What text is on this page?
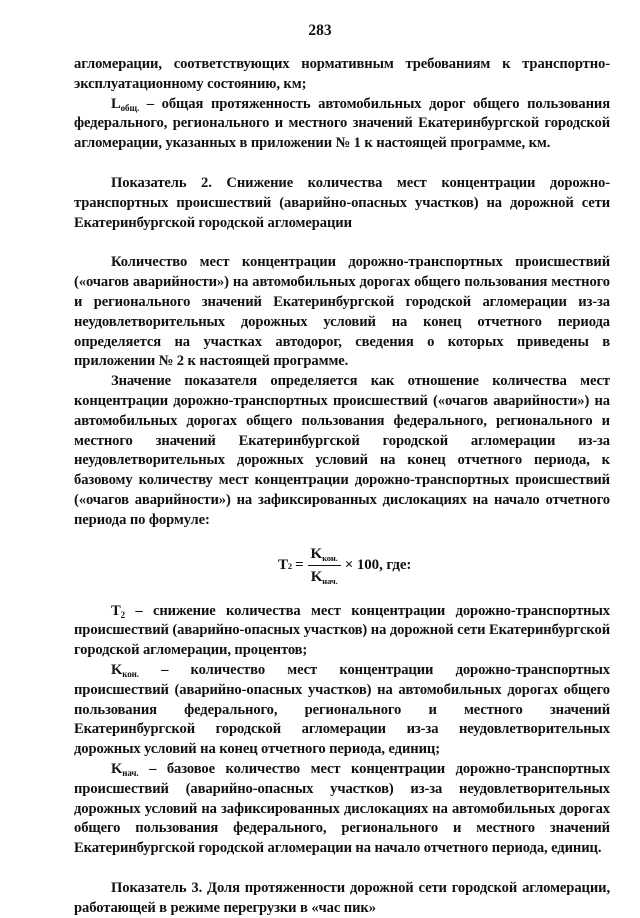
283

агломерации, соответствующих нормативным требованиям к транспортно-эксплуатационному состоянию, км;

$L_{общ.}$ – общая протяженность автомобильных дорог общего пользования федерального, регионального и местного значений Екатеринбургской городской агломерации, указанных в приложении № 1 к настоящей программе, км.

Показатель 2. Снижение количества мест концентрации дорожно-транспортных происшествий (аварийно-опасных участков) на дорожной сети Екатеринбургской городской агломерации

Количество мест концентрации дорожно-транспортных происшествий («очагов аварийности») на автомобильных дорогах общего пользования местного и регионального значений Екатеринбургской городской агломерации из-за неудовлетворительных дорожных условий на конец отчетного периода определяется на участках автодорог, сведения о которых приведены в приложении № 2 к настоящей программе.

Значение показателя определяется как отношение количества мест концентрации дорожно-транспортных происшествий («очагов аварийности») на автомобильных дорогах общего пользования федерального, регионального и местного значений Екатеринбургской городской агломерации из-за неудовлетворительных дорожных условий на конец отчетного периода, к базовому количеству мест концентрации дорожно-транспортных происшествий («очагов аварийности») на зафиксированных дислокациях на начало отчетного периода по формуле:

T $2 = \frac{K_{кон.}}{K_{нач.}} \times 100$, где:

$T_2$ – снижение количества мест концентрации дорожно-транспортных происшествий (аварийно-опасных участков) на дорожной сети Екатеринбургской городской агломерации, процентов;

$K_{кон.}$ – количество мест концентрации дорожно-транспортных происшествий (аварийно-опасных участков) на автомобильных дорогах общего пользования федерального, регионального и местного значений Екатеринбургской городской агломерации из-за неудовлетворительных дорожных условий на конец отчетного периода, единиц;

$K_{нач.}$ – базовое количество мест концентрации дорожно-транспортных происшествий (аварийно-опасных участков) из-за неудовлетворительных дорожных условий на зафиксированных дислокациях на автомобильных дорогах общего пользования федерального, регионального и местного значений Екатеринбургской городской агломерации на начало отчетного периода, единиц.

Показатель 3. Доля протяженности дорожной сети городской агломерации, работающей в режиме перегрузки в «час пик»
